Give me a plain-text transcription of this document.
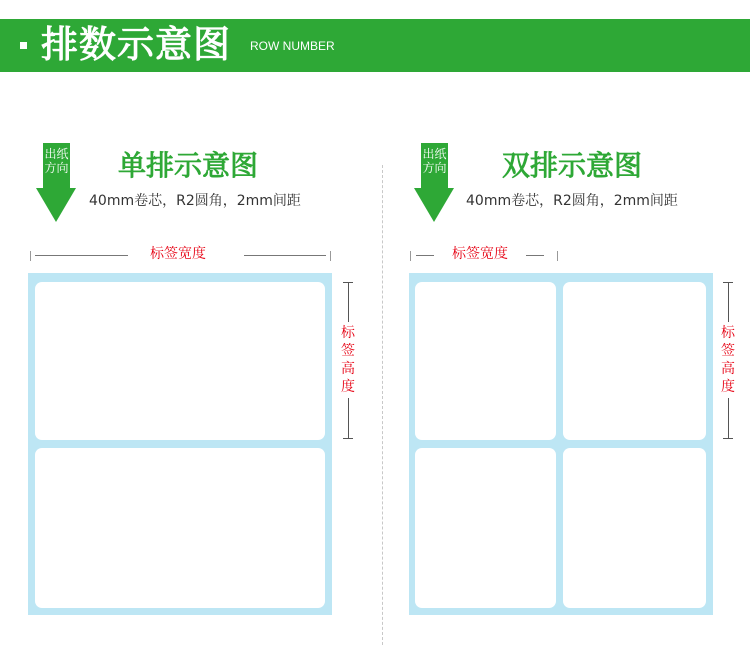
排数示意图 ROW NUMBER
出纸方向 单排示意图
40mm卷芯，R2圆角，2mm间距
标签宽度
标签高度
出纸方向 双排示意图
40mm卷芯，R2圆角，2mm间距
标签宽度
标签高度
